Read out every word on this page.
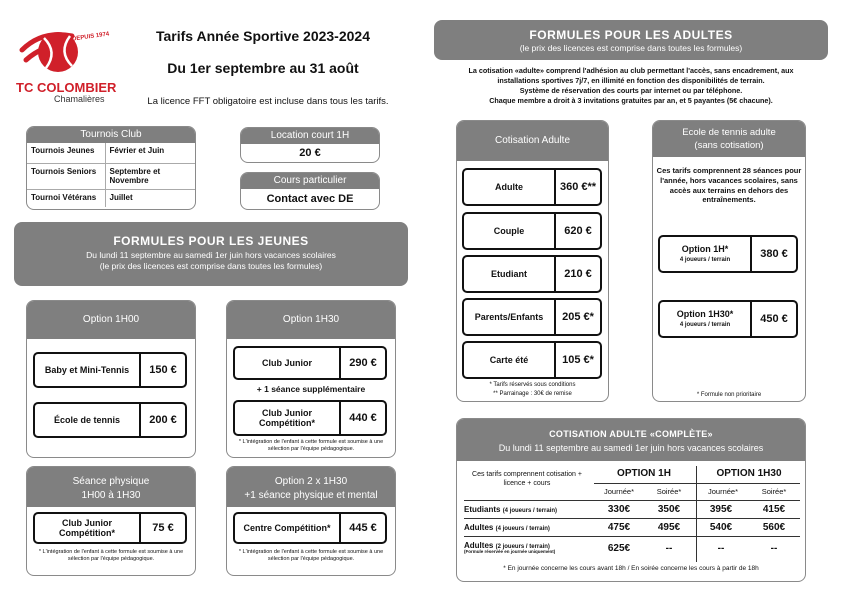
DEPUIS 1974
TC COLOMBIER
Chamalières
Tarifs Année Sportive 2023-2024
Du 1er septembre au 31 août
La licence FFT obligatoire est incluse dans tous les tarifs.
Tournois Club
Tournois Jeunes	Février et Juin
Tournois Seniors	Septembre et Novembre
Tournoi Vétérans	Juillet
Location court 1H
20 €
Cours particulier
Contact avec DE
FORMULES POUR LES JEUNES
Du lundi 11 septembre au samedi 1er juin hors vacances scolaires
(le prix des licences est comprise dans toutes les formules)
Option 1H00
Baby et Mini-Tennis	150 €
École de tennis	200 €
Option 1H30
Club Junior	290 €
+ 1 séance supplémentaire
Club Junior Compétition*	440 €
* L'intégration de l'enfant à cette formule est soumise à une sélection par l'équipe pédagogique.
Séance physique
1H00 à 1H30
Club Junior Compétition*	75 €
* L'intégration de l'enfant à cette formule est soumise à une sélection par l'équipe pédagogique.
Option 2 x 1H30
+1 séance physique et mental
Centre Compétition*	445 €
* L'intégration de l'enfant à cette formule est soumise à une sélection par l'équipe pédagogique.
FORMULES POUR LES ADULTES
(le prix des licences est comprise dans toutes les formules)
La cotisation «adulte» comprend l'adhésion au club permettant l'accès, sans encadrement, aux
installations sportives 7j/7, en illimité en fonction des disponibilités de terrain.
Système de réservation des courts par internet ou par téléphone.
Chaque membre a droit à 3 invitations gratuites par an, et 5 payantes (5€ chacune).
Cotisation Adulte
Adulte	360 €**
Couple	620 €
Etudiant	210 €
Parents/Enfants	205 €*
Carte été	105 €*
* Tarifs réservés sous conditions
** Parrainage : 30€ de remise
Ecole de tennis adulte
(sans cotisation)
Ces tarifs comprennent 28 séances pour l'année, hors vacances scolaires, sans accès aux terrains en dehors des entraînements.
Option 1H*
4 joueurs / terrain	380 €
Option 1H30*
4 joueurs / terrain	450 €
* Formule non prioritaire
COTISATION ADULTE «COMPLÈTE»
Du lundi 11 septembre au samedi 1er juin hors vacances scolaires
Ces tarifs comprennent cotisation + licence + cours
OPTION 1H	OPTION 1H30
Journée*	Soirée*	Journée*	Soirée*
Etudiants (4 joueurs / terrain)	330€	350€	395€	415€
Adultes (4 joueurs / terrain)	475€	495€	540€	560€
Adultes (2 joueurs / terrain)
(Formule réservée en journée uniquement)	625€	--	--	--
* En journée concerne les cours avant 18h / En soirée concerne les cours à partir de 18h
